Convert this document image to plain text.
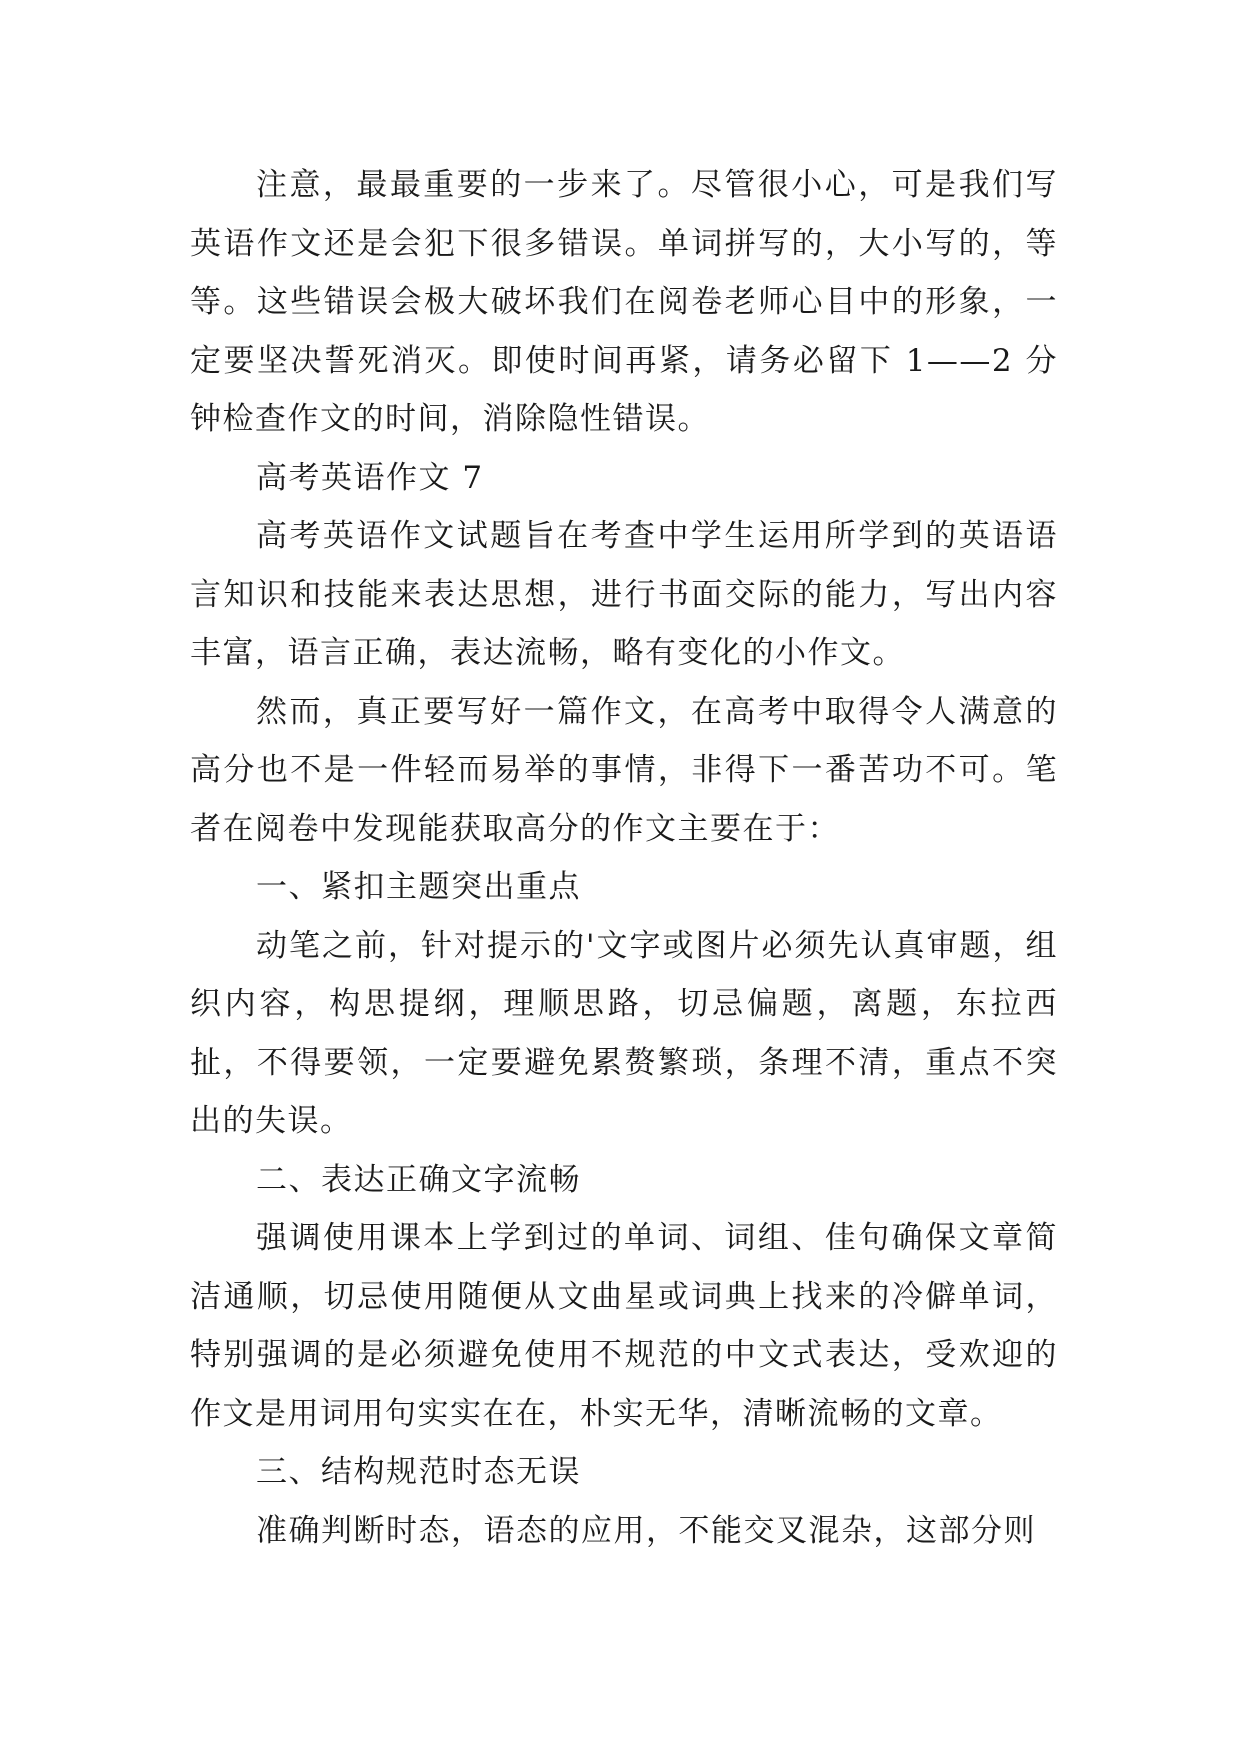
注意，最最重要的一步来了。尽管很小心，可是我们写英语作文还是会犯下很多错误。单词拼写的，大小写的，等等。这些错误会极大破坏我们在阅卷老师心目中的形象，一定要坚决誓死消灭。即使时间再紧，请务必留下 1——2 分钟检查作文的时间，消除隐性错误。

高考英语作文 7

高考英语作文试题旨在考查中学生运用所学到的英语语言知识和技能来表达思想，进行书面交际的能力，写出内容丰富，语言正确，表达流畅，略有变化的小作文。

然而，真正要写好一篇作文，在高考中取得令人满意的高分也不是一件轻而易举的事情，非得下一番苦功不可。笔者在阅卷中发现能获取高分的作文主要在于：

一、紧扣主题突出重点

动笔之前，针对提示的'文字或图片必须先认真审题，组织内容，构思提纲，理顺思路，切忌偏题，离题，东拉西扯，不得要领，一定要避免累赘繁琐，条理不清，重点不突出的失误。

二、表达正确文字流畅

强调使用课本上学到过的单词、词组、佳句确保文章简洁通顺，切忌使用随便从文曲星或词典上找来的冷僻单词，特别强调的是必须避免使用不规范的中文式表达，受欢迎的作文是用词用句实实在在，朴实无华，清晰流畅的文章。

三、结构规范时态无误

准确判断时态，语态的应用，不能交叉混杂，这部分则
